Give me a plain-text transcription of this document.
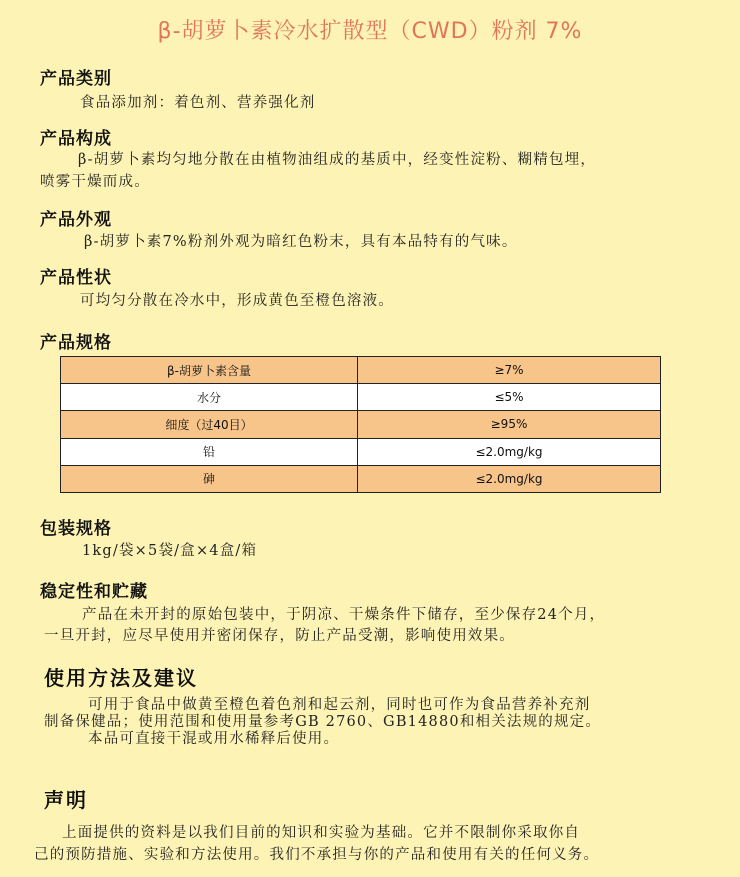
β-胡萝卜素冷水扩散型（CWD）粉剂 7%
产品类别
食品添加剂：着色剂、营养强化剂
产品构成
β-胡萝卜素均匀地分散在由植物油组成的基质中，经变性淀粉、糊精包埋，
喷雾干燥而成。
产品外观
β-胡萝卜素7%粉剂外观为暗红色粉末，具有本品特有的气味。
产品性状
可均匀分散在冷水中，形成黄色至橙色溶液。
产品规格
β-胡萝卜素含量	≥7%
水分	≤5%
细度（过40目）	≥95%
铅	≤2.0mg/kg
砷	≤2.0mg/kg
包装规格
1kg/袋×5袋/盒×4盒/箱
稳定性和贮藏
产品在未开封的原始包装中，于阴凉、干燥条件下储存，至少保存24个月，
一旦开封，应尽早使用并密闭保存，防止产品受潮，影响使用效果。
使用方法及建议
可用于食品中做黄至橙色着色剂和起云剂，同时也可作为食品营养补充剂
制备保健品；使用范围和使用量参考GB 2760、GB14880和相关法规的规定。
本品可直接干混或用水稀释后使用。
声明
上面提供的资料是以我们目前的知识和实验为基础。它并不限制你采取你自
己的预防措施、实验和方法使用。我们不承担与你的产品和使用有关的任何义务。
